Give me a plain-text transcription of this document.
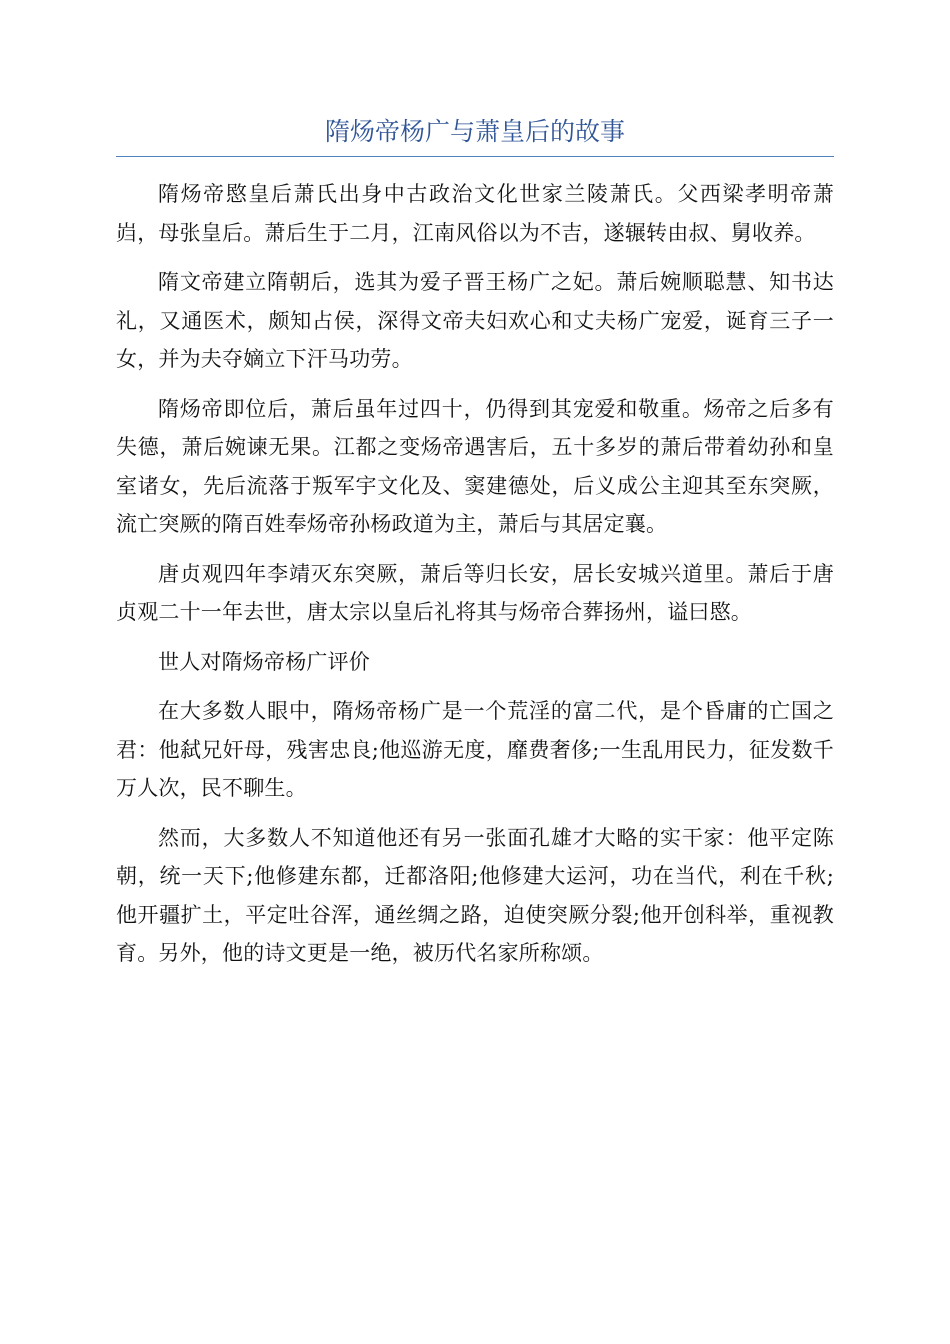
隋炀帝杨广与萧皇后的故事

隋炀帝愍皇后萧氏出身中古政治文化世家兰陵萧氏。父西梁孝明帝萧岿，母张皇后。萧后生于二月，江南风俗以为不吉，遂辗转由叔、舅收养。

隋文帝建立隋朝后，选其为爱子晋王杨广之妃。萧后婉顺聪慧、知书达礼，又通医术，颇知占侯，深得文帝夫妇欢心和丈夫杨广宠爱，诞育三子一女，并为夫夺嫡立下汗马功劳。

隋炀帝即位后，萧后虽年过四十，仍得到其宠爱和敬重。炀帝之后多有失德，萧后婉谏无果。江都之变炀帝遇害后，五十多岁的萧后带着幼孙和皇室诸女，先后流落于叛军宇文化及、窦建德处，后义成公主迎其至东突厥，流亡突厥的隋百姓奉炀帝孙杨政道为主，萧后与其居定襄。

唐贞观四年李靖灭东突厥，萧后等归长安，居长安城兴道里。萧后于唐贞观二十一年去世，唐太宗以皇后礼将其与炀帝合葬扬州，谥曰愍。

世人对隋炀帝杨广评价

在大多数人眼中，隋炀帝杨广是一个荒淫的富二代，是个昏庸的亡国之君：他弑兄奸母，残害忠良;他巡游无度，靡费奢侈;一生乱用民力，征发数千万人次，民不聊生。

然而，大多数人不知道他还有另一张面孔雄才大略的实干家：他平定陈朝，统一天下;他修建东都，迁都洛阳;他修建大运河，功在当代，利在千秋;他开疆扩土，平定吐谷浑，通丝绸之路，迫使突厥分裂;他开创科举，重视教育。另外，他的诗文更是一绝，被历代名家所称颂。
